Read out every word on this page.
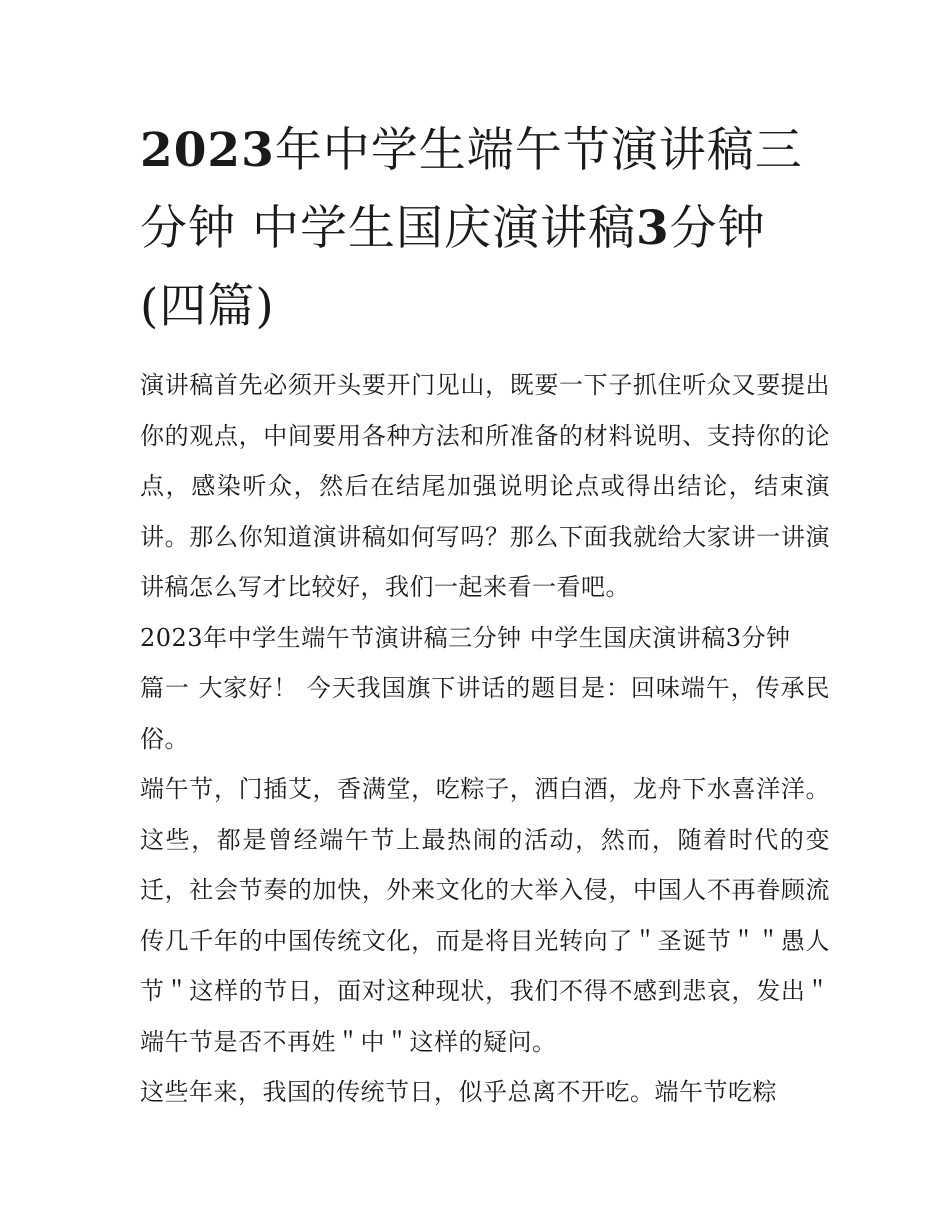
2023年中学生端午节演讲稿三分钟 中学生国庆演讲稿3分钟(四篇)

演讲稿首先必须开头要开门见山，既要一下子抓住听众又要提出你的观点，中间要用各种方法和所准备的材料说明、支持你的论点，感染听众，然后在结尾加强说明论点或得出结论，结束演讲。那么你知道演讲稿如何写吗？那么下面我就给大家讲一讲演讲稿怎么写才比较好，我们一起来看一看吧。

2023年中学生端午节演讲稿三分钟 中学生国庆演讲稿3分钟

篇一 大家好！ 今天我国旗下讲话的题目是：回味端午，传承民俗。

端午节，门插艾，香满堂，吃粽子，洒白酒，龙舟下水喜洋洋。这些，都是曾经端午节上最热闹的活动，然而，随着时代的变迁，社会节奏的加快，外来文化的大举入侵，中国人不再眷顾流传几千年的中国传统文化，而是将目光转向了＂圣诞节＂＂愚人节＂这样的节日，面对这种现状，我们不得不感到悲哀，发出＂端午节是否不再姓＂中＂这样的疑问。

这些年来，我国的传统节日，似乎总离不开吃。端午节吃粽
